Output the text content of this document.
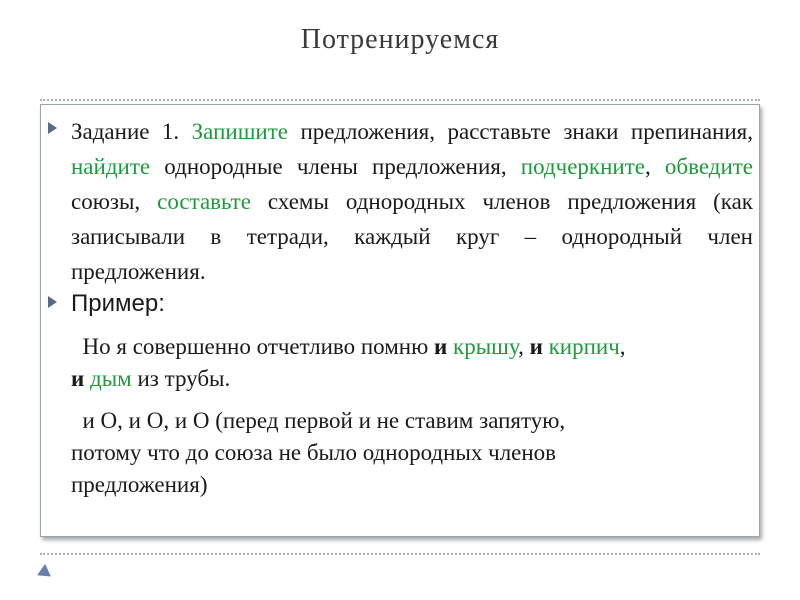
Потренируемся
Задание 1. Запишите предложения, расставьте знаки препинания, найдите однородные члены предложения, подчеркните, обведите союзы, составьте схемы однородных членов предложения (как записывали в тетради, каждый круг – однородный член предложения.
Пример:
Но я совершенно отчетливо помню и крышу, и кирпич,
и дым из трубы.
и О, и О, и О (перед первой и не ставим запятую,
потому что до союза не было однородных членов
предложения)
